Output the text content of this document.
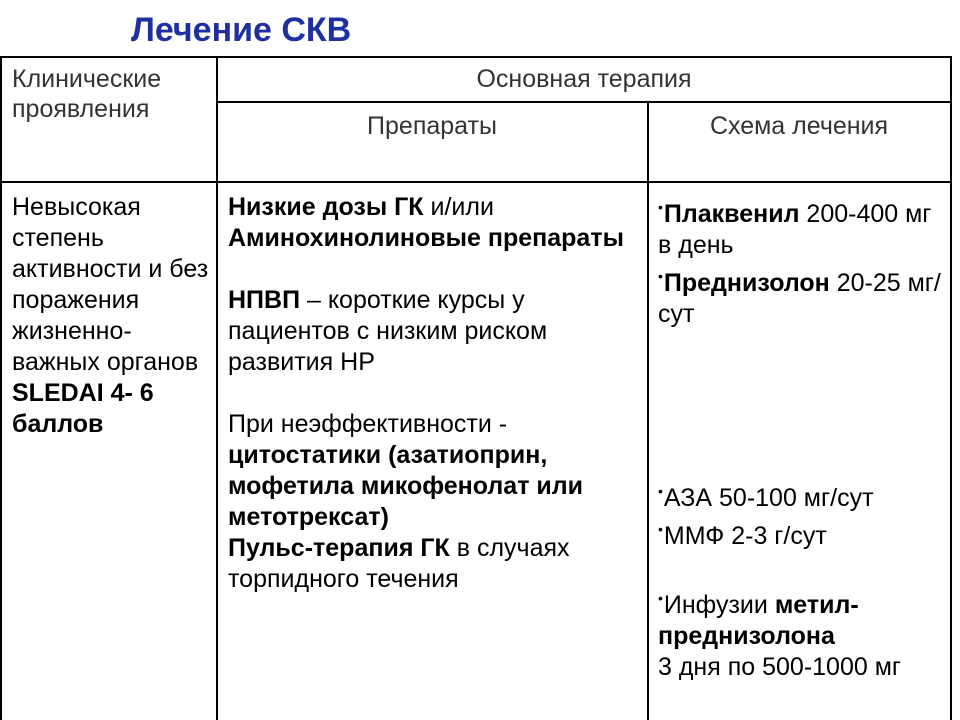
Лечение СКВ
Клинические проявления
Основная терапия
Препараты	Схема лечения

Невысокая степень активности и без поражения жизненно-важных органов

SLEDAI 4- 6 баллов

Низкие дозы ГК и/или Аминохинолиновые препараты

НПВП – короткие курсы у пациентов с низким риском развития НР

При неэффективности - цитостатики (азатиоприн, мофетила микофенолат или метотрексат)

Пульс-терапия ГК в случаях торпидного течения

•Плаквенил 200-400 мг в день

•Преднизолон 20-25 мг/сут

•АЗА 50-100 мг/сут

•ММФ 2-3 г/сут

•Инфузии метил-преднизолона

3 дня по 500-1000 мг
